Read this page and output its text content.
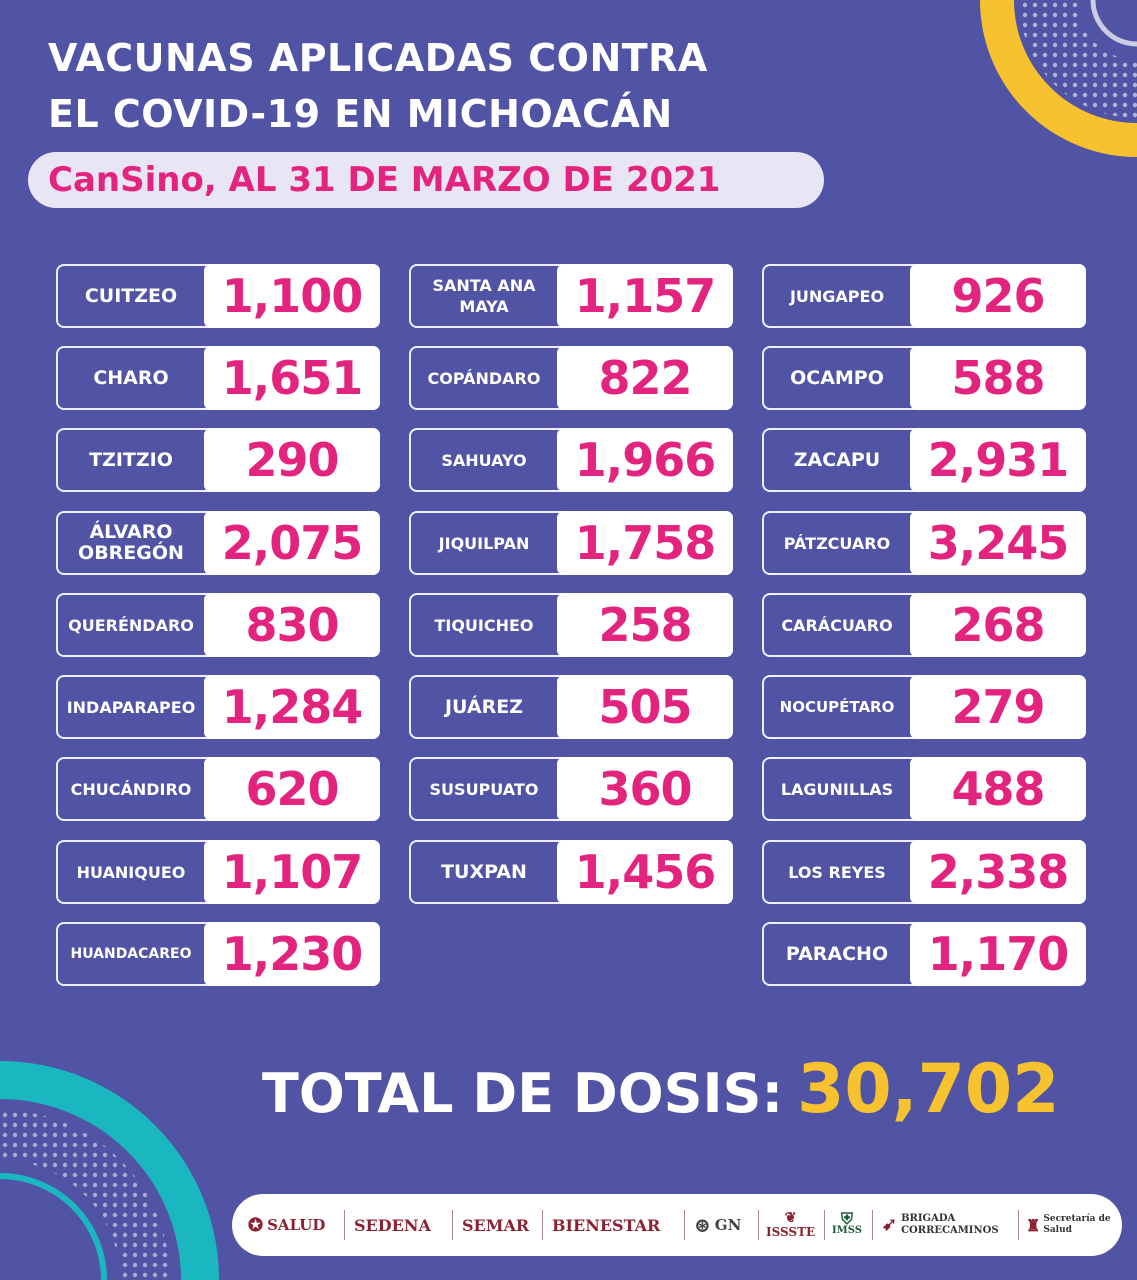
VACUNAS APLICADAS CONTRA
EL COVID-19 EN MICHOACÁN
CanSino, AL 31 DE MARZO DE 2021
CUITZEO 1,100
CHARO	1,651
TZITZIO	290
ÁLVARO OBREGÓN 2,075
QUERÉNDARO	830
INDAPARAPEO 1,284
CHUCÁNDIRO	620
HUANIQUEO 1,107
HUANDACAREO 1,230
SANTA ANA MAYA	1,157
COPÁNDARO	822
SAHUAYO	1,966
JIQUILPAN 1,758
TIQUICHEO	258
JUÁREZ	505
SUSUPUATO	360
TUXPAN	1,456
JUNGAPEO	926
OCAMPO	588
ZACAPU	2,931
PÁTZCUARO 3,245
CARÁCUARO	268
NOCUPÉTARO	279
LAGUNILLAS	488
LOS REYES 2,338
PARACHO 1,170
TOTAL DE DOSIS: 30,702
✪ SALUD SEDENA SEMAR BIENESTAR ⊛ GN	❦
ISSSTE
⛨
IMSS ➹ BRIGADA CORRECAMINOS	♜ Secretaría de Salud
